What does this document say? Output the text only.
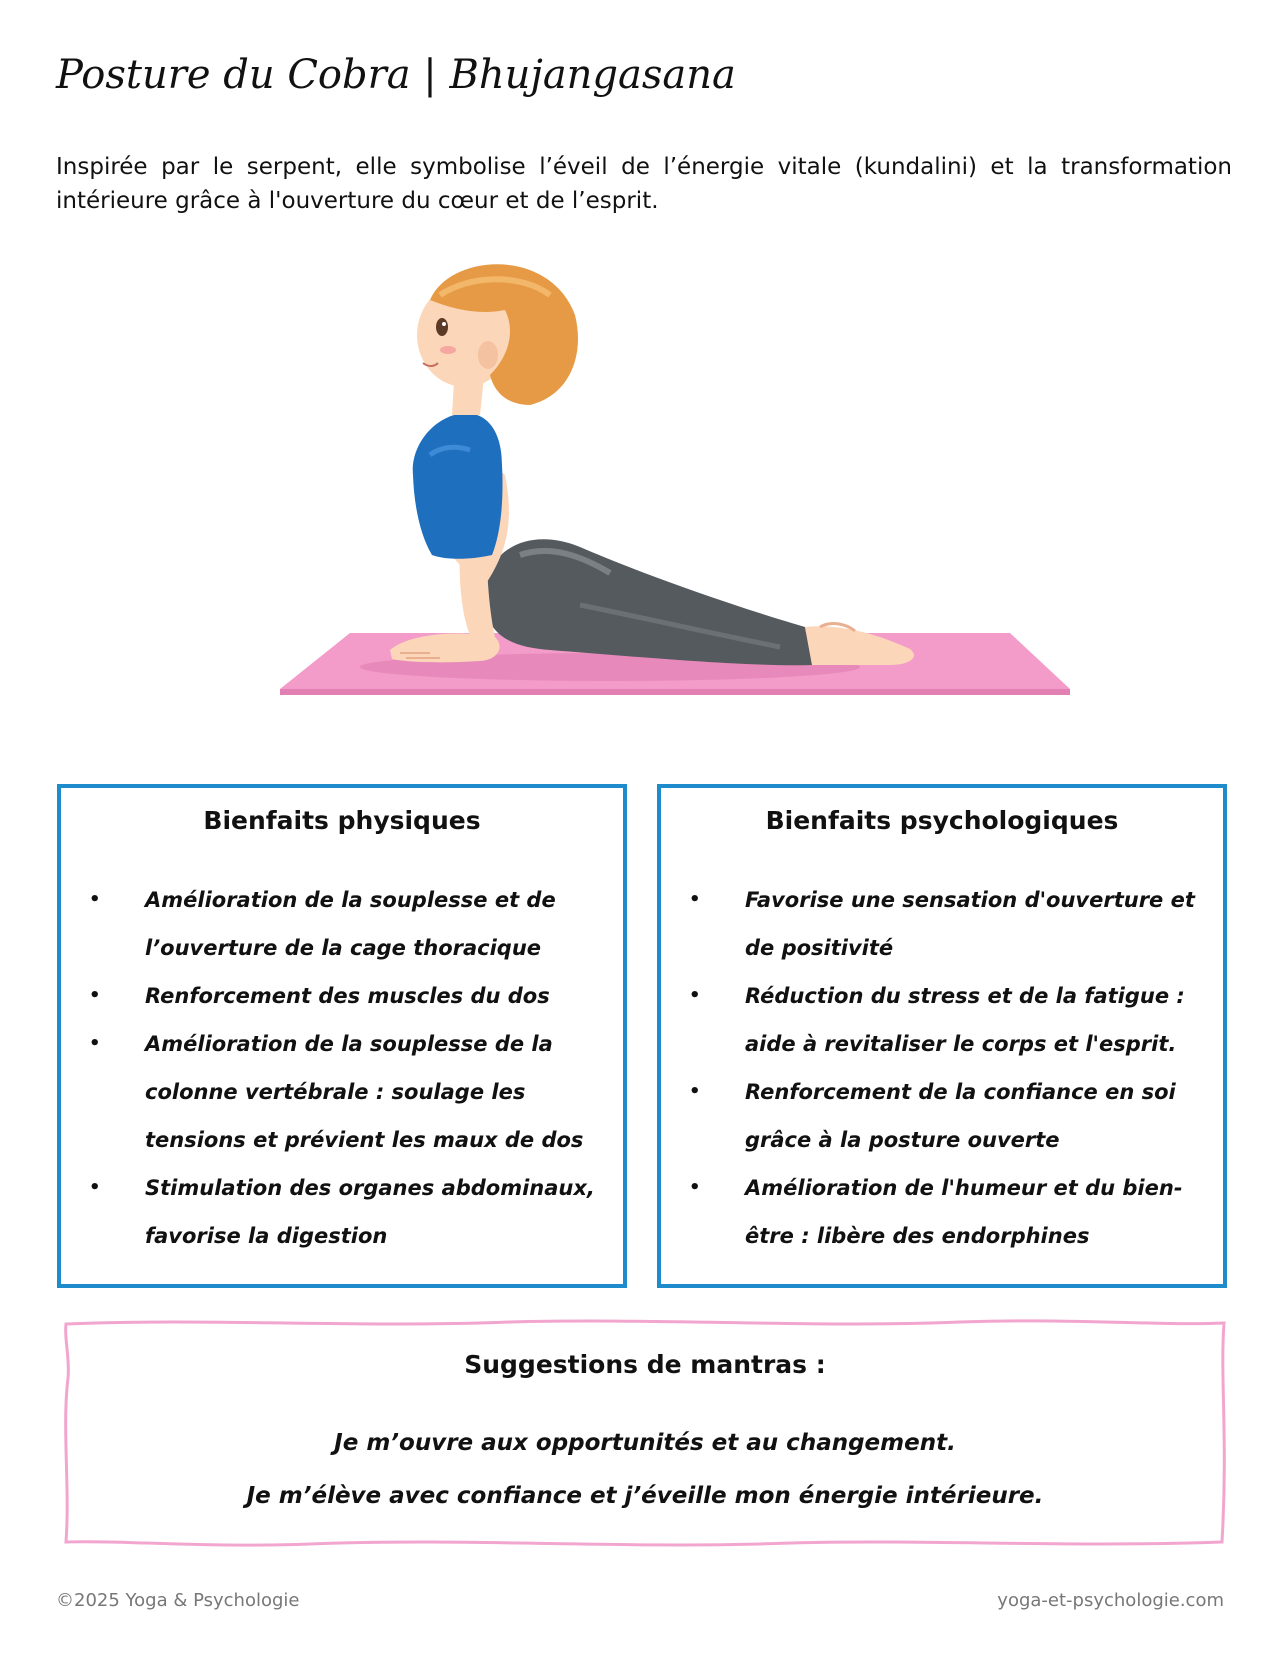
Posture du Cobra | Bhujangasana

Inspirée par le serpent, elle symbolise l’éveil de l’énergie vitale (kundalini) et la transformation intérieure grâce à l'ouverture du cœur et de l’esprit.

Bienfaits physiques
• Amélioration de la souplesse et de l’ouverture de la cage thoracique
• Renforcement des muscles du dos
• Amélioration de la souplesse de la colonne vertébrale : soulage les tensions et prévient les maux de dos
• Stimulation des organes abdominaux, favorise la digestion
Bienfaits psychologiques
• Favorise une sensation d'ouverture et de positivité
• Réduction du stress et de la fatigue : aide à revitaliser le corps et l'esprit.
• Renforcement de la confiance en soi grâce à la posture ouverte
• Amélioration de l'humeur et du bien-être : libère des endorphines
Suggestions de mantras :
Je m’ouvre aux opportunités et au changement.
Je m’élève avec confiance et j’éveille mon énergie intérieure.
©2025 Yoga & Psychologie	yoga-et-psychologie.com
